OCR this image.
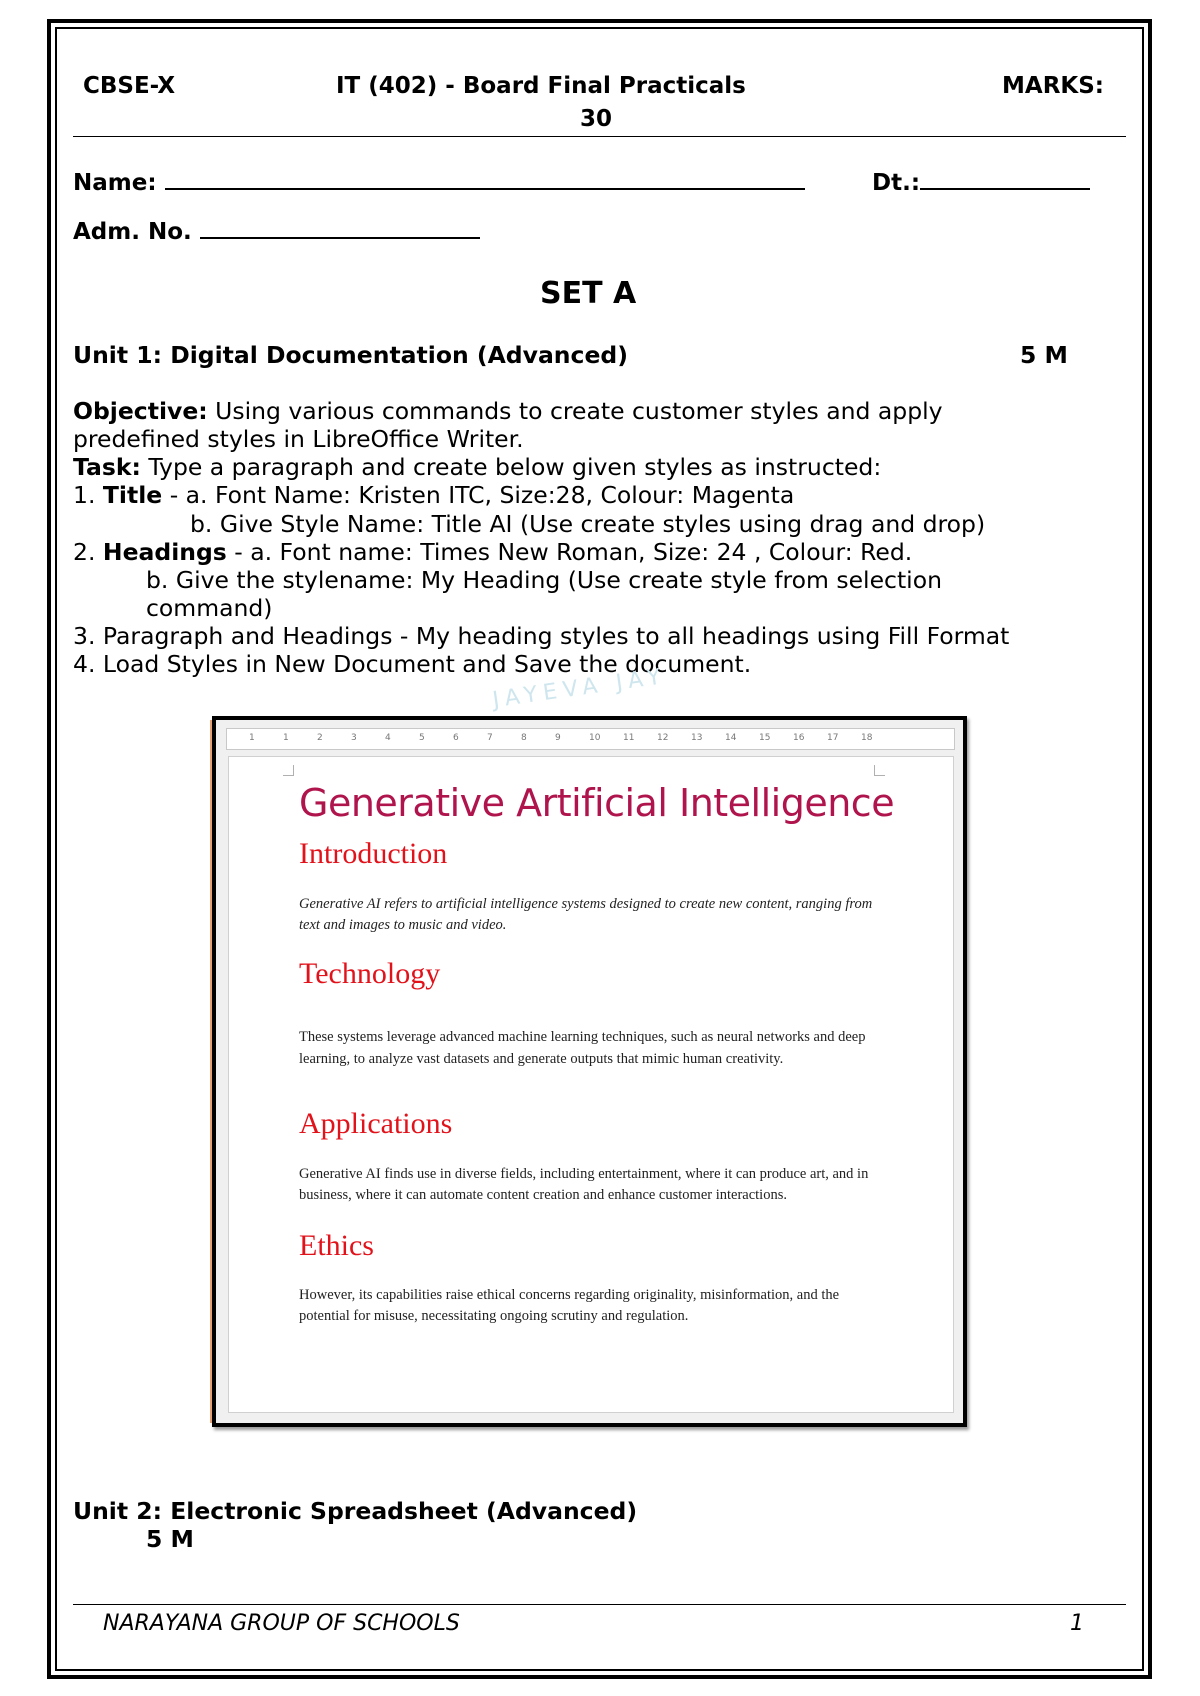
CBSE-X	IT (402) - Board Final Practicals	MARKS:
30
Name:	Dt.:
Adm. No.
SET A
Unit 1: Digital Documentation (Advanced)	5 M
Objective: Using various commands to create customer styles and apply
predefined styles in LibreOffice Writer.
Task: Type a paragraph and create below given styles as instructed:
1. Title - a. Font Name: Kristen ITC, Size:28, Colour: Magenta
b. Give Style Name: Title AI (Use create styles using drag and drop)
2. Headings - a. Font name: Times New Roman, Size: 24 , Colour: Red.
b. Give the stylename: My Heading (Use create style from selection
command)
3. Paragraph and Headings - My heading styles to all headings using Fill Format
4. Load Styles in New Document and Save the document.
JAYEVA JAY
1	1	2	3	4	5	6	7	8	9	10	11	12	13	14	15	16	17	18
Generative Artificial Intelligence
Introduction
Generative AI refers to artificial intelligence systems designed to create new content, ranging from
text and images to music and video.
Technology
These systems leverage advanced machine learning techniques, such as neural networks and deep
learning, to analyze vast datasets and generate outputs that mimic human creativity.
Applications
Generative AI finds use in diverse fields, including entertainment, where it can produce art, and in
business, where it can automate content creation and enhance customer interactions.
Ethics
However, its capabilities raise ethical concerns regarding originality, misinformation, and the
potential for misuse, necessitating ongoing scrutiny and regulation.
Unit 2: Electronic Spreadsheet (Advanced)
5 M
NARAYANA GROUP OF SCHOOLS	1
